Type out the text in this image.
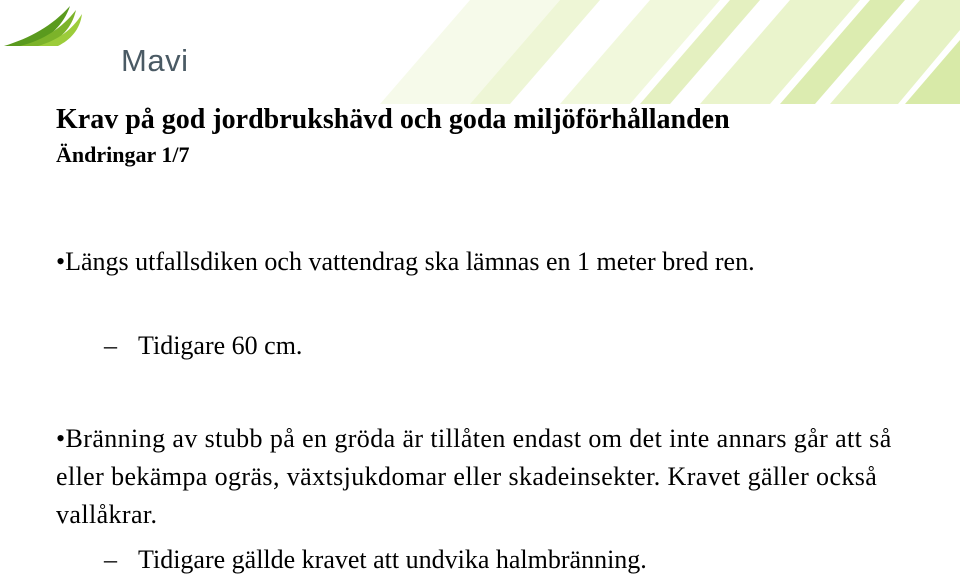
Mavi
Krav på god jordbrukshävd och goda miljöförhållanden
Ändringar 1/7
•Längs utfallsdiken och vattendrag ska lämnas en 1 meter bred ren.
– Tidigare 60 cm.
•Bränning av stubb på en gröda är tillåten endast om det inte annars går att så eller bekämpa ogräs, växtsjukdomar eller skadeinsekter. Kravet gäller också vallåkrar.
– Tidigare gällde kravet att undvika halmbränning.
